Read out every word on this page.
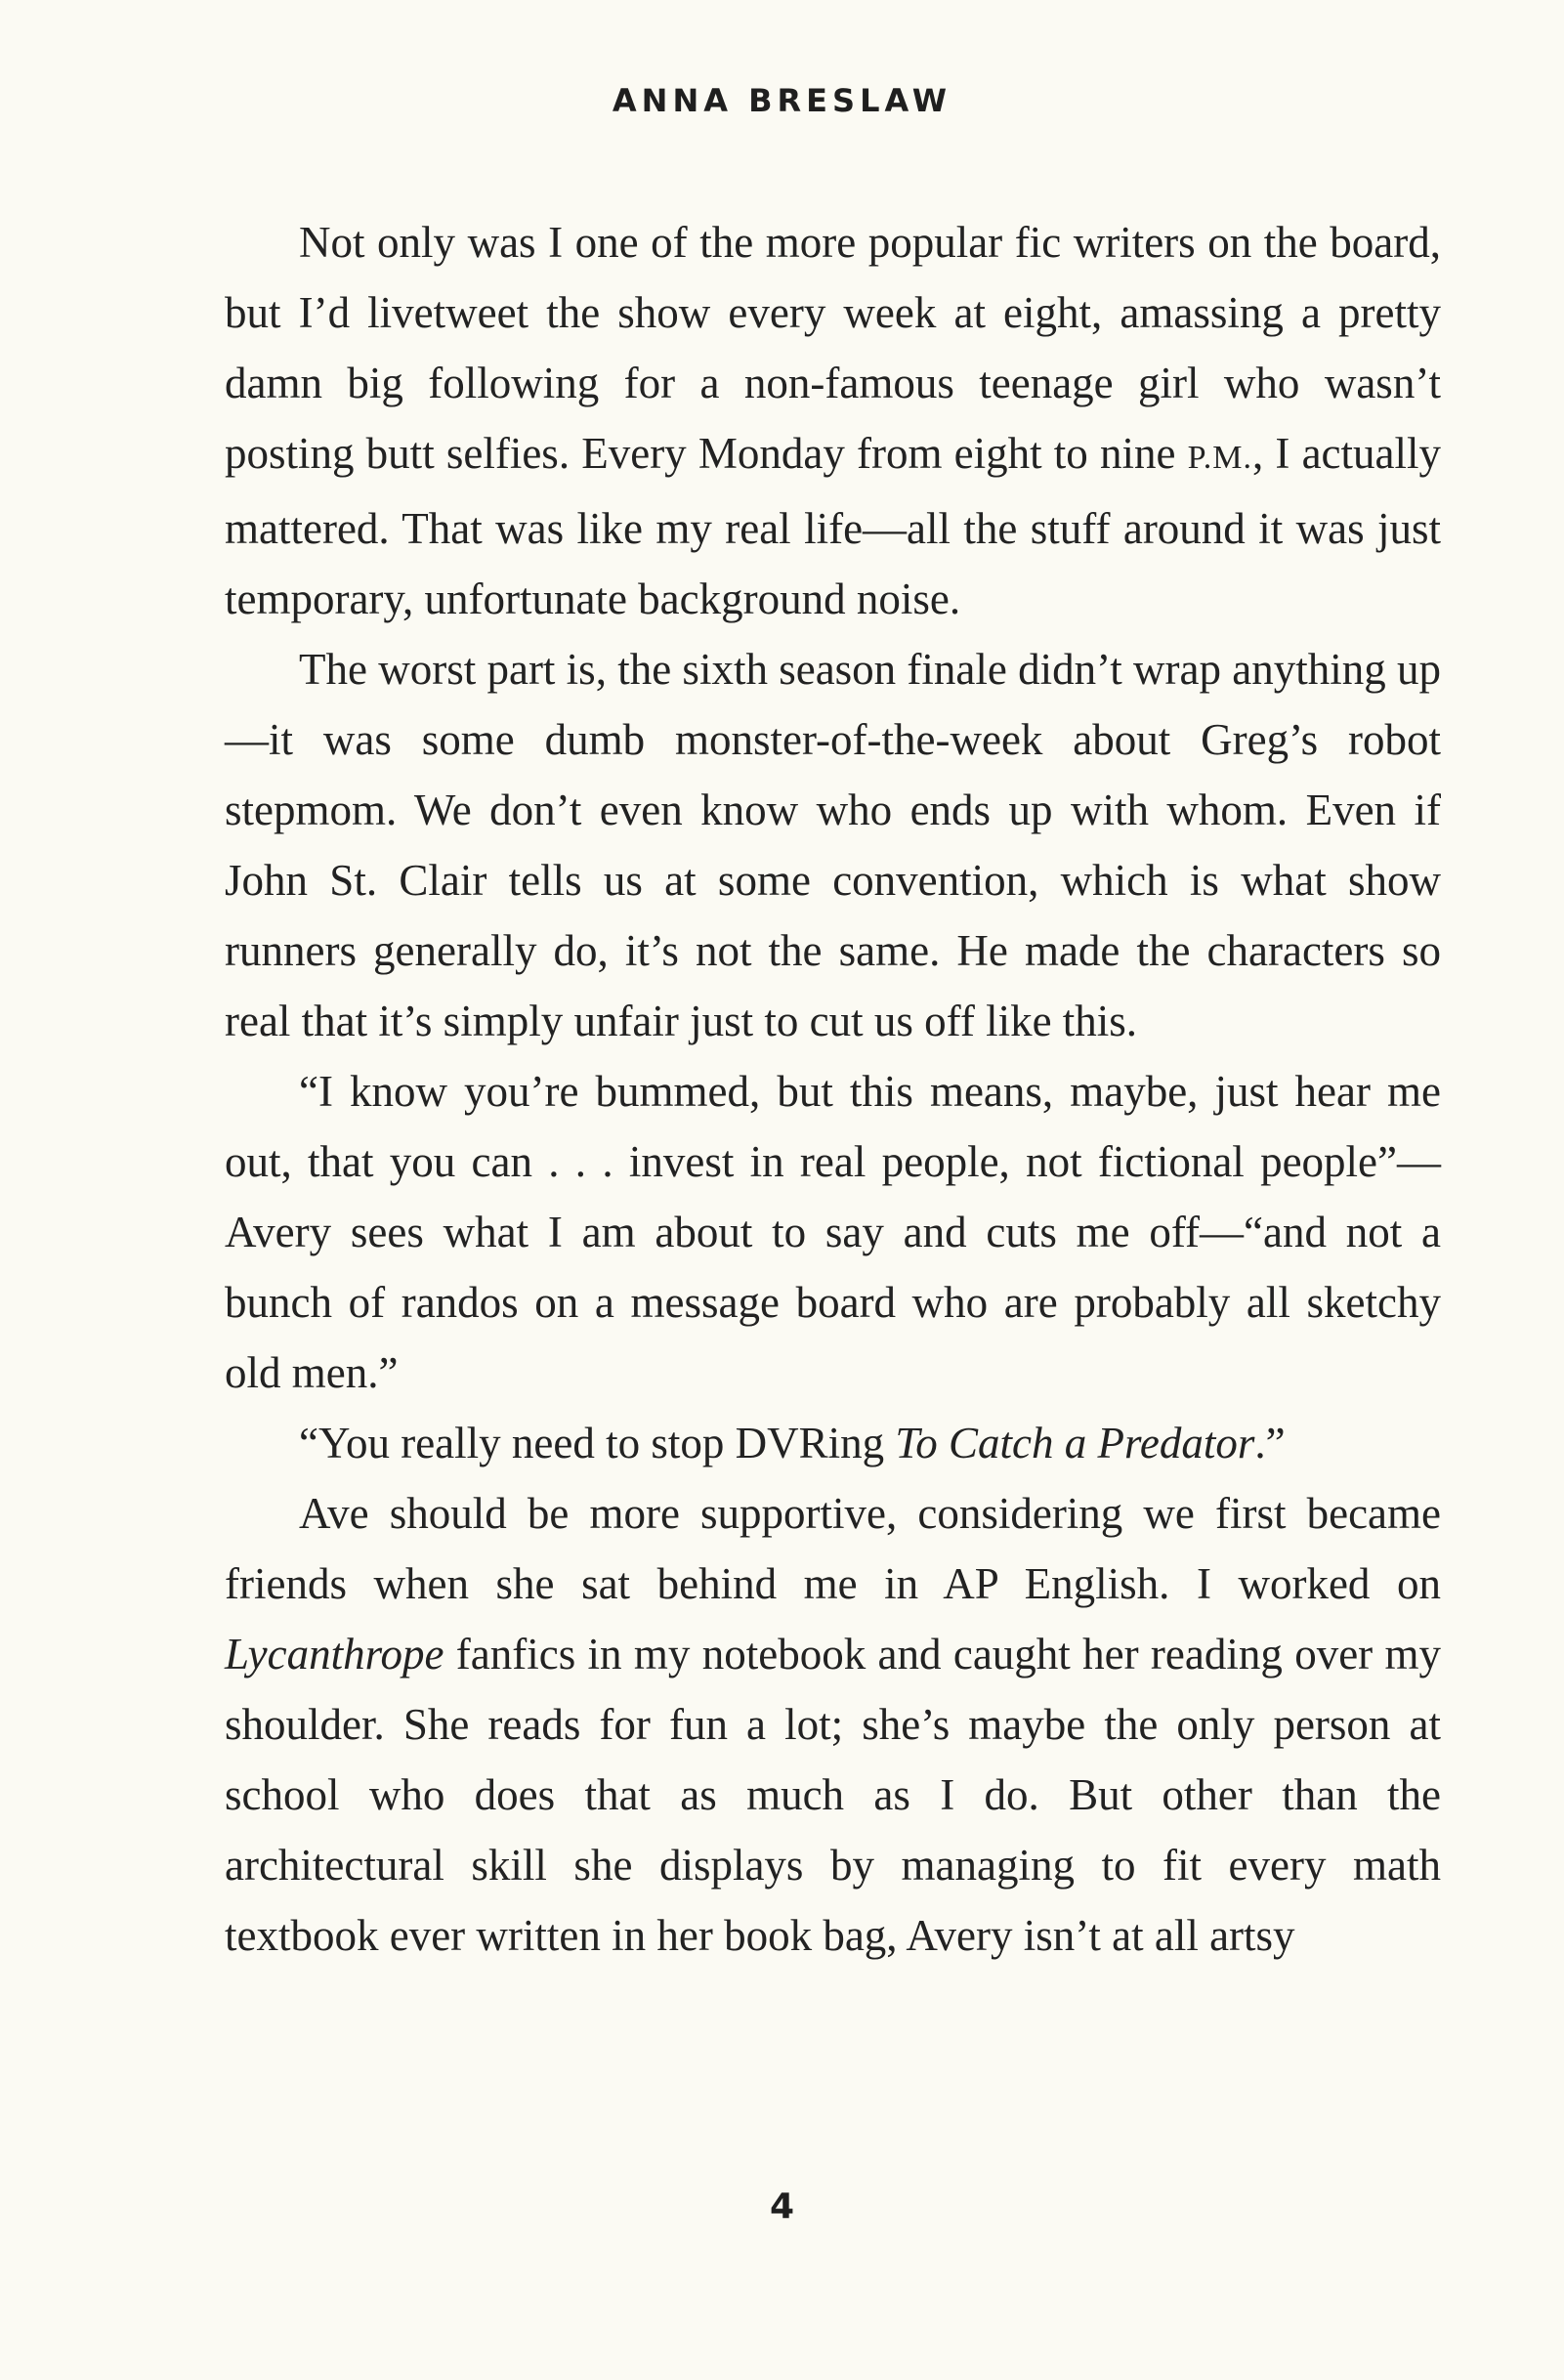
ANNA BRESLAW

Not only was I one of the more popular fic writers on the board, but I’d livetweet the show every week at eight, amassing a pretty damn big following for a non-famous teenage girl who wasn’t posting butt selfies. Every Monday from eight to nine P.M., I actually mattered. That was like my real life—all the stuff around it was just temporary, unfortunate background noise.

The worst part is, the sixth season finale didn’t wrap anything up—it was some dumb monster-of-the-week about Greg’s robot stepmom. We don’t even know who ends up with whom. Even if John St. Clair tells us at some convention, which is what show runners generally do, it’s not the same. He made the characters so real that it’s simply unfair just to cut us off like this.

“I know you’re bummed, but this means, maybe, just hear me out, that you can . . . invest in real people, not fictional people”—Avery sees what I am about to say and cuts me off—“and not a bunch of randos on a message board who are probably all sketchy old men.”

“You really need to stop DVRing To Catch a Predator.”

Ave should be more supportive, considering we first became friends when she sat behind me in AP English. I worked on Lycanthrope fanfics in my notebook and caught her reading over my shoulder. She reads for fun a lot; she’s maybe the only person at school who does that as much as I do. But other than the architectural skill she displays by managing to fit every math textbook ever written in her book bag, Avery isn’t at all artsy

4
